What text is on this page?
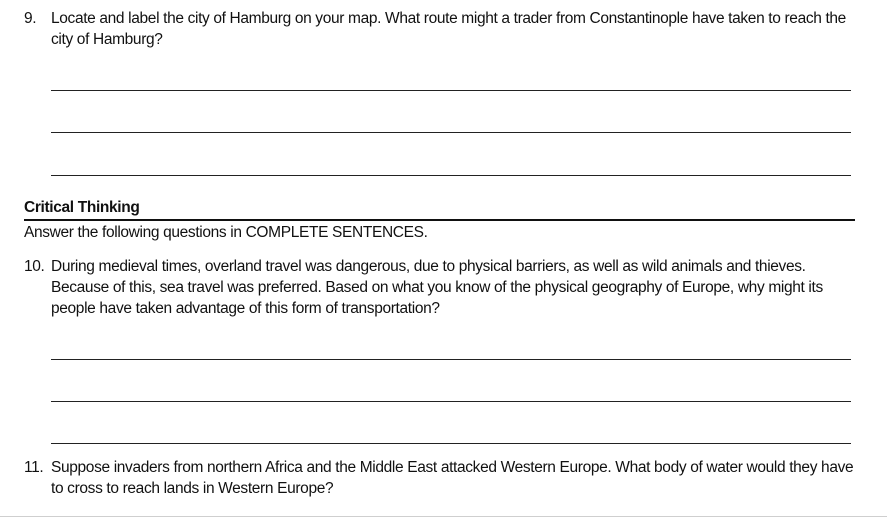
9. Locate and label the city of Hamburg on your map. What route might a trader from Constantinople have taken to reach the city of Hamburg?
Critical Thinking
Answer the following questions in COMPLETE SENTENCES.
10. During medieval times, overland travel was dangerous, due to physical barriers, as well as wild animals and thieves. Because of this, sea travel was preferred. Based on what you know of the physical geography of Europe, why might its people have taken advantage of this form of transportation?
11. Suppose invaders from northern Africa and the Middle East attacked Western Europe. What body of water would they have to cross to reach lands in Western Europe?
